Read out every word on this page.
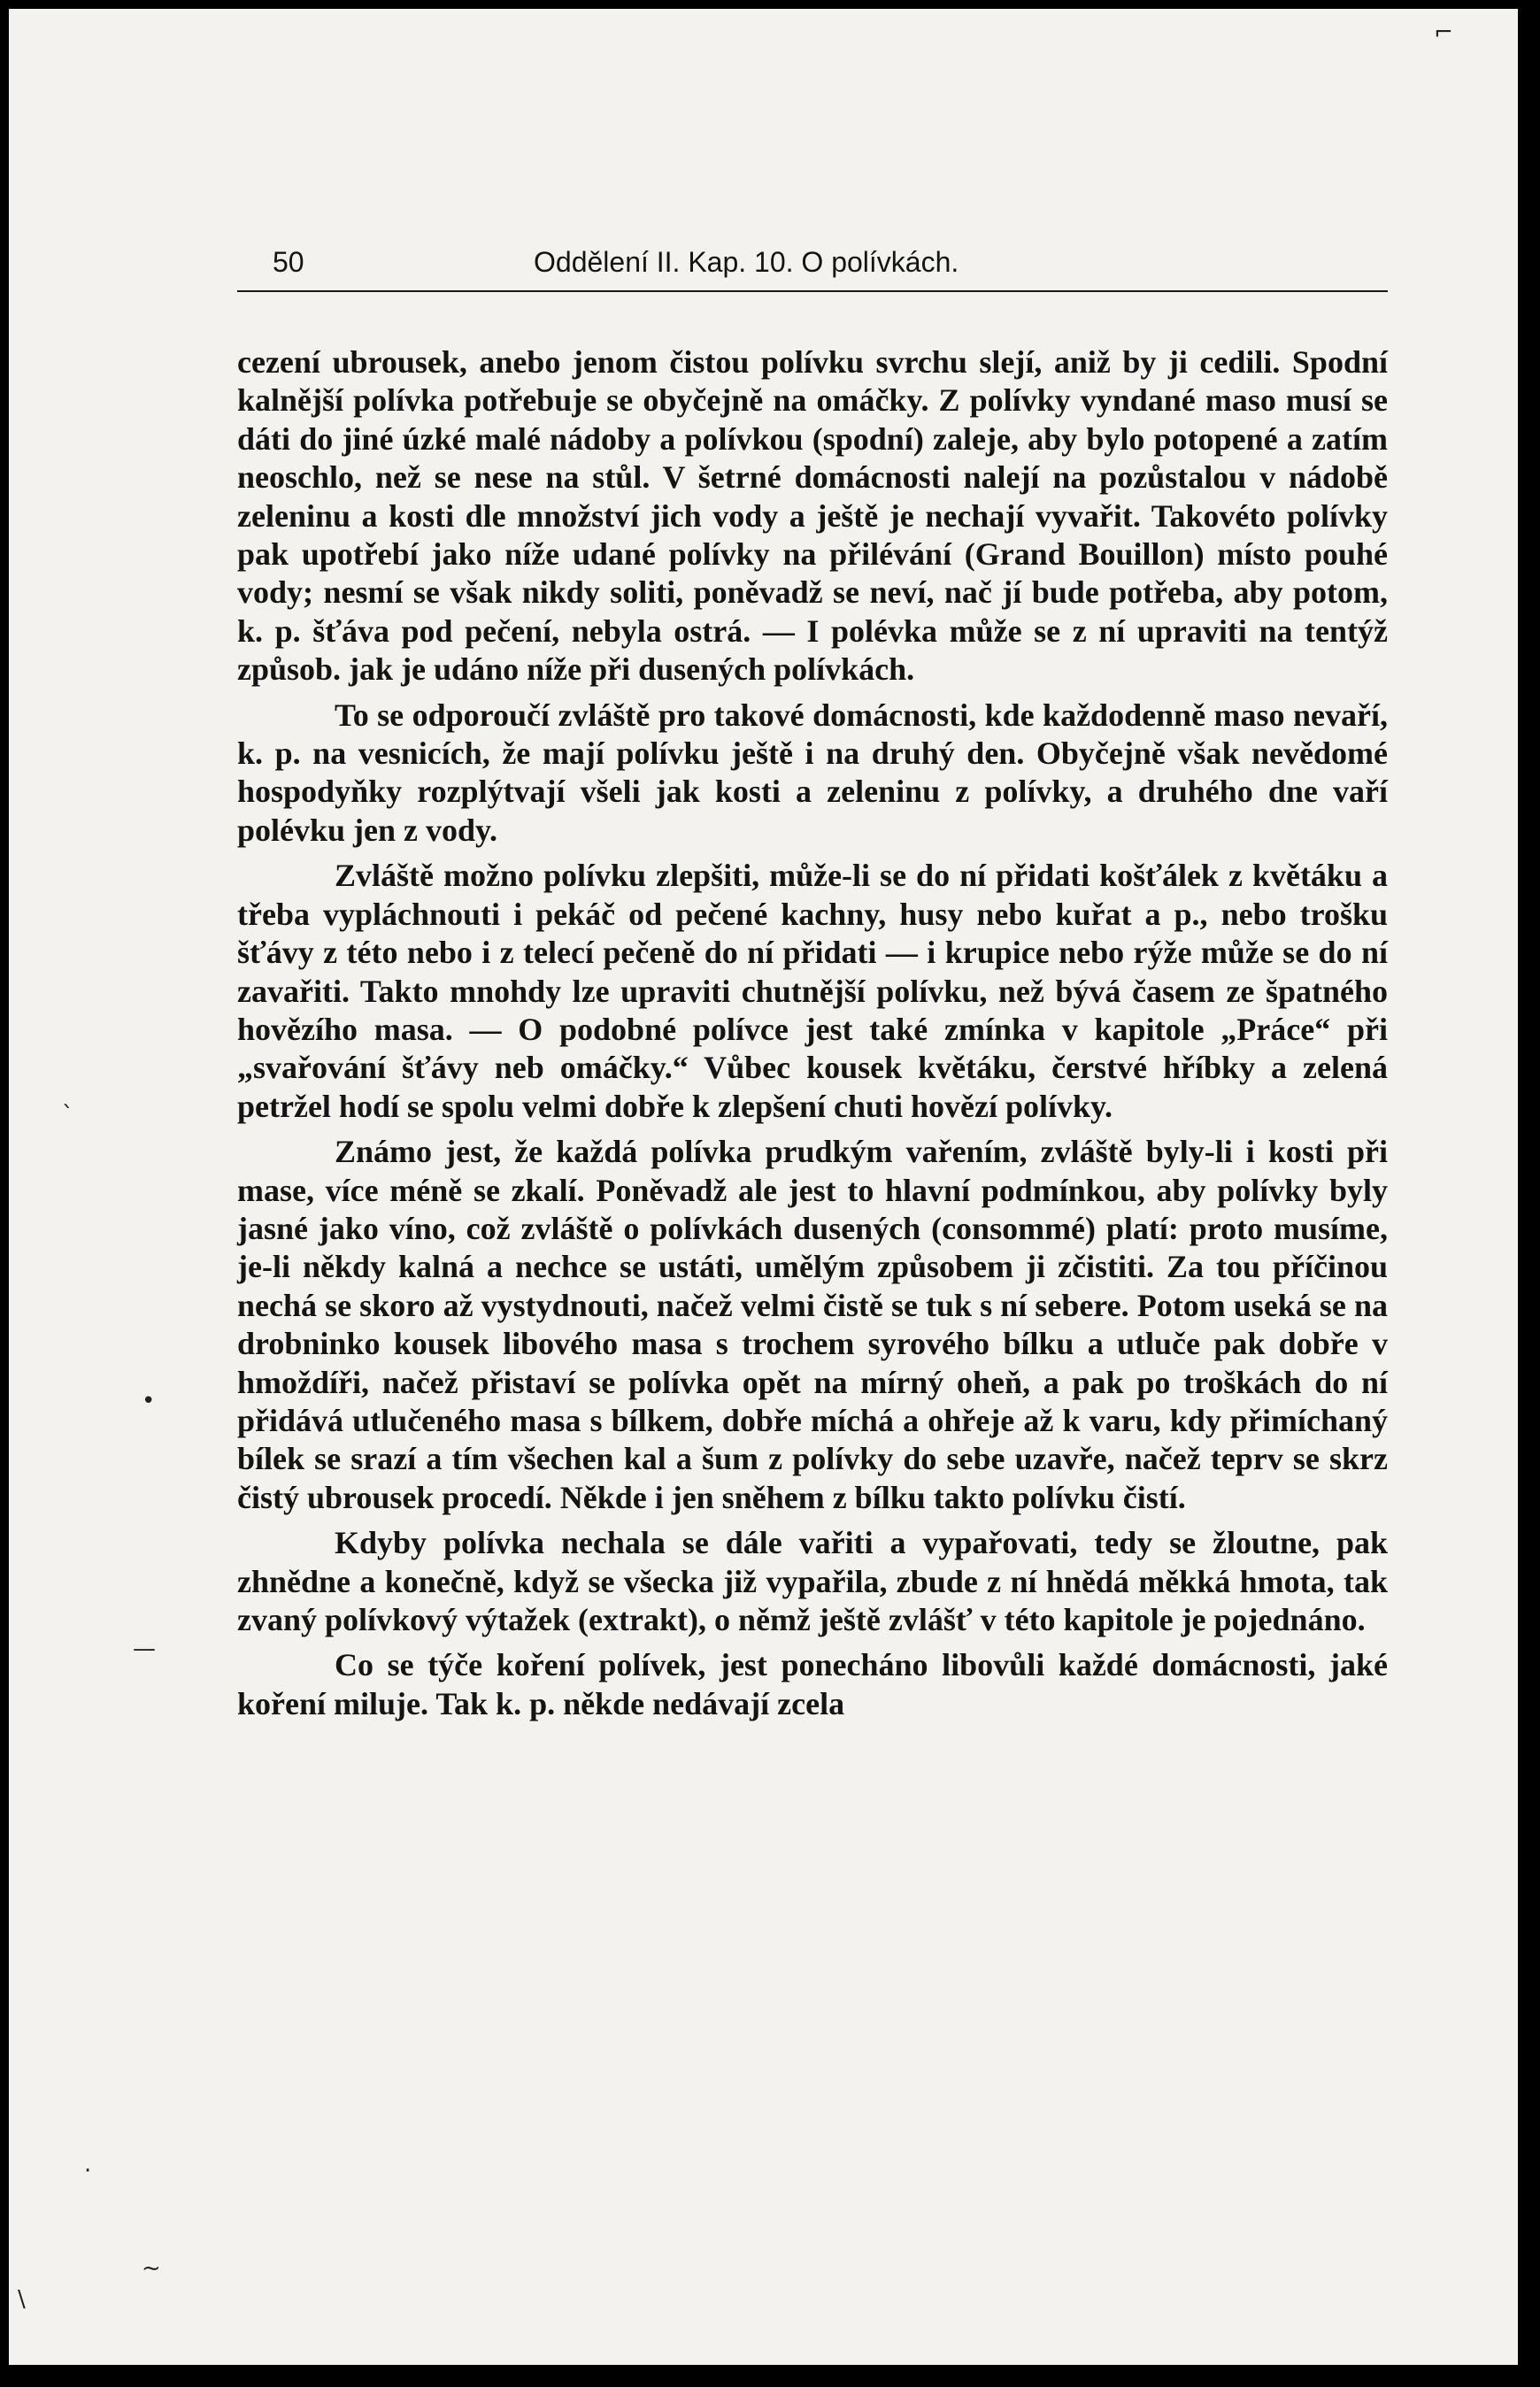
50	Oddělení II. Kap. 10. O polívkách.

cezení ubrousek, anebo jenom čistou polívku svrchu slejí, aniž by ji cedili. Spodní kalnější polívka potřebuje se obyčejně na omáčky. Z polívky vyndané maso musí se dáti do jiné úzké malé nádoby a polívkou (spodní) zaleje, aby bylo potopené a zatím neoschlo, než se nese na stůl. V šetrné domácnosti nalejí na pozůstalou v nádobě zeleninu a kosti dle množství jich vody a ještě je nechají vyvařit. Takovéto polívky pak upotřebí jako níže udané polívky na přilévání (Grand Bouillon) místo pouhé vody; nesmí se však nikdy soliti, poněvadž se neví, nač jí bude potřeba, aby potom, k. p. šťáva pod pečení, nebyla ostrá. — I polévka může se z ní upraviti na tentýž způsob. jak je udáno níže při dusených polívkách.

To se odporoučí zvláště pro takové domácnosti, kde každodenně maso nevaří, k. p. na vesnicích, že mají polívku ještě i na druhý den. Obyčejně však nevědomé hospodyňky rozplýtvají všeli jak kosti a zeleninu z polívky, a druhého dne vaří polévku jen z vody.

Zvláště možno polívku zlepšiti, může-li se do ní přidati košťálek z květáku a třeba vypláchnouti i pekáč od pečené kachny, husy nebo kuřat a p., nebo trošku šťávy z této nebo i z telecí pečeně do ní přidati — i krupice nebo rýže může se do ní zavařiti. Takto mnohdy lze upraviti chutnější polívku, než bývá časem ze špatného hovězího masa. — O podobné polívce jest také zmínka v kapitole „Práce“ při „svařování šťávy neb omáčky.“ Vůbec kousek květáku, čerstvé hříbky a zelená petržel hodí se spolu velmi dobře k zlepšení chuti hovězí polívky.

Známo jest, že každá polívka prudkým vařením, zvláště byly-li i kosti při mase, více méně se zkalí. Poněvadž ale jest to hlavní podmínkou, aby polívky byly jasné jako víno, což zvláště o polívkách dusených (consommé) platí: proto musíme, je-li někdy kalná a nechce se ustáti, umělým způsobem ji zčistiti. Za tou příčinou nechá se skoro až vystydnouti, načež velmi čistě se tuk s ní sebere. Potom useká se na drobninko kousek libového masa s trochem syrového bílku a utluče pak dobře v hmoždíři, načež přistaví se polívka opět na mírný oheň, a pak po troškách do ní přidává utlučeného masa s bílkem, dobře míchá a ohřeje až k varu, kdy přimíchaný bílek se srazí a tím všechen kal a šum z polívky do sebe uzavře, načež teprv se skrz čistý ubrousek procedí. Někde i jen sněhem z bílku takto polívku čistí.

Kdyby polívka nechala se dále vařiti a vypařovati, tedy se žloutne, pak zhnědne a konečně, když se všecka již vypařila, zbude z ní hnědá měkká hmota, tak zvaný polívkový výtažek (extrakt), o němž ještě zvlášť v této kapitole je pojednáno.

Co se týče koření polívek, jest ponecháno libovůli každé domácnosti, jaké koření miluje. Tak k. p. někde nedávají zcela

⌐
ˎ
•
—
·
~
\
